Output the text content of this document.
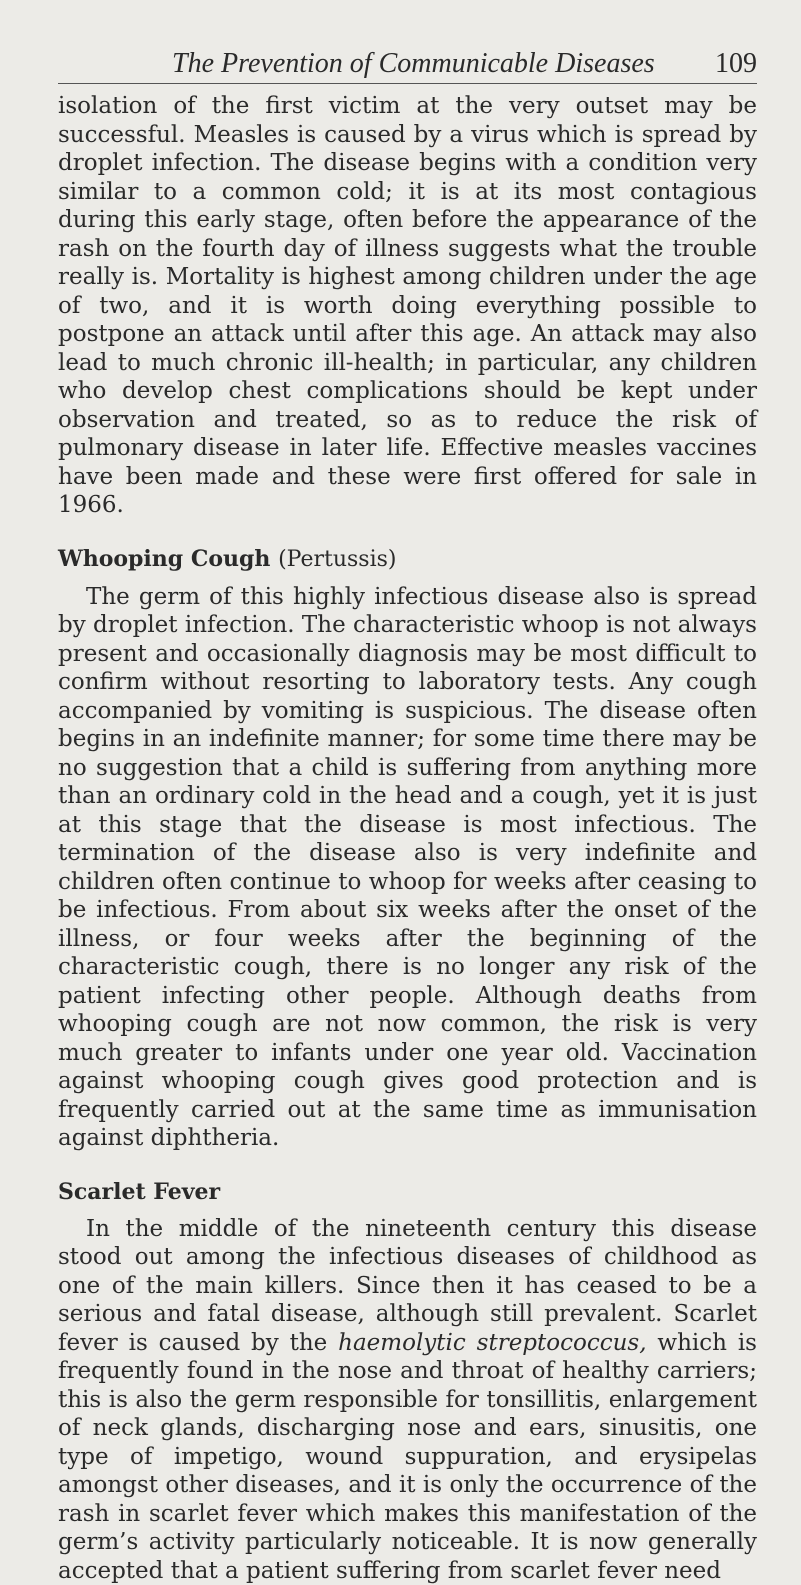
The Prevention of Communicable Diseases 109

isolation of the first victim at the very outset may be successful. Measles is caused by a virus which is spread by droplet infection. The disease begins with a condition very similar to a common cold; it is at its most contagious during this early stage, often before the appearance of the rash on the fourth day of illness suggests what the trouble really is. Mortality is highest among children under the age of two, and it is worth doing everything possible to postpone an attack until after this age. An attack may also lead to much chronic ill-health; in particular, any children who develop chest complications should be kept under observation and treated, so as to reduce the risk of pulmonary disease in later life. Effective measles vaccines have been made and these were first offered for sale in 1966.

Whooping Cough (Pertussis)

The germ of this highly infectious disease also is spread by droplet infection. The characteristic whoop is not always present and occasionally diagnosis may be most difficult to confirm without resorting to laboratory tests. Any cough accompanied by vomiting is suspicious. The disease often begins in an indefinite manner; for some time there may be no suggestion that a child is suffering from anything more than an ordinary cold in the head and a cough, yet it is just at this stage that the disease is most infectious. The termination of the disease also is very indefinite and children often continue to whoop for weeks after ceasing to be infectious. From about six weeks after the onset of the illness, or four weeks after the beginning of the characteristic cough, there is no longer any risk of the patient infecting other people. Although deaths from whooping cough are not now common, the risk is very much greater to infants under one year old. Vaccination against whooping cough gives good protection and is frequently carried out at the same time as immunisation against diphtheria.

Scarlet Fever

In the middle of the nineteenth century this disease stood out among the infectious diseases of childhood as one of the main killers. Since then it has ceased to be a serious and fatal disease, although still prevalent. Scarlet fever is caused by the haemolytic streptococcus, which is frequently found in the nose and throat of healthy carriers; this is also the germ responsible for tonsillitis, enlargement of neck glands, discharging nose and ears, sinusitis, one type of impetigo, wound suppuration, and erysipelas amongst other diseases, and it is only the occurrence of the rash in scarlet fever which makes this manifestation of the germ’s activity particularly noticeable. It is now generally accepted that a patient suffering from scarlet fever need
